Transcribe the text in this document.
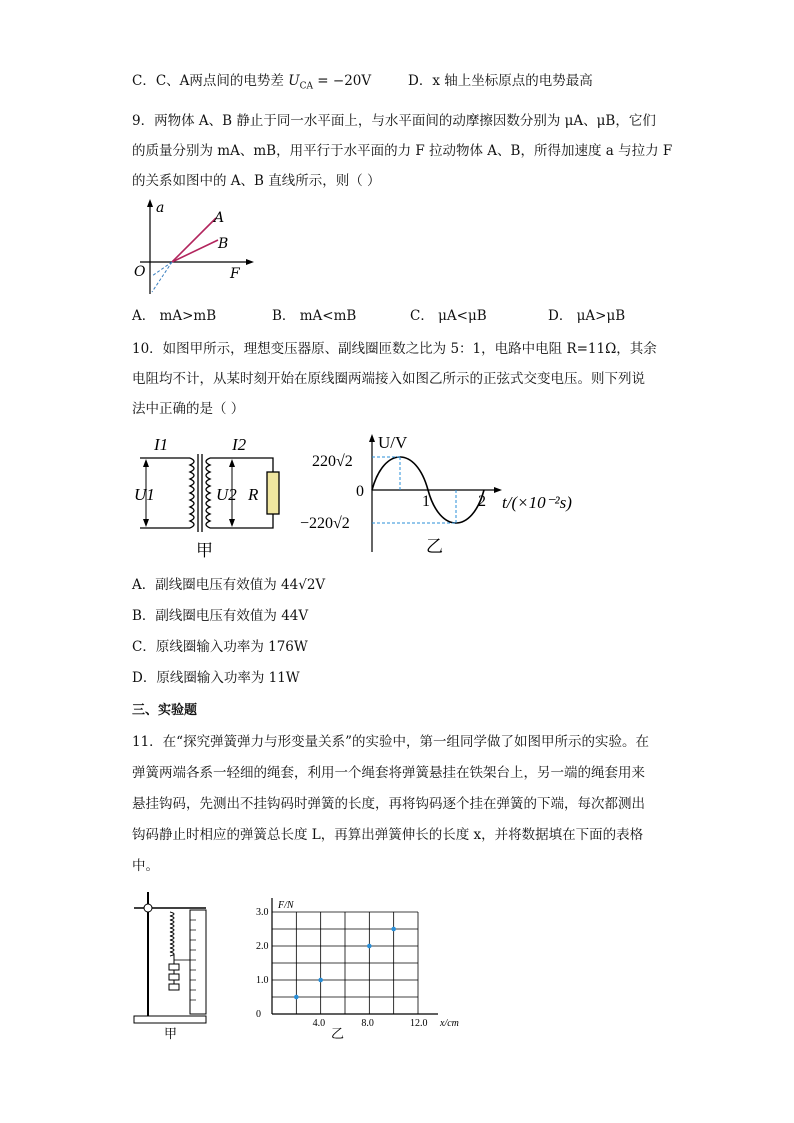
C．C、A两点间的电势差 $U_{CA} = -20V$	D．x 轴上坐标原点的电势最高
9．两物体 A、B 静止于同一水平面上，与水平面间的动摩擦因数分别为 μA、μB，它们
的质量分别为 mA、mB，用平行于水平面的力 F 拉动物体 A、B，所得加速度 a 与拉力 F
的关系如图中的 A、B 直线所示，则（ ）
a
F
O
A
B
A． mA>mB	B． mA<mB	C． μA<μB	D． μA>μB
10．如图甲所示，理想变压器原、副线圈匝数之比为 5：1，电路中电阻 R=11Ω，其余
电阻均不计，从某时刻开始在原线圈两端接入如图乙所示的正弦式交变电压。则下列说
法中正确的是（ ）
I1	I2
U1	U2 R
甲
U/V
220√2
0
−220√2
1	2 t/(×10⁻²s)
乙
A．副线圈电压有效值为 44√2V
B．副线圈电压有效值为 44V
C．原线圈输入功率为 176W
D．原线圈输入功率为 11W
三、实验题
11．在“探究弹簧弹力与形变量关系”的实验中，第一组同学做了如图甲所示的实验。在
弹簧两端各系一轻细的绳套，利用一个绳套将弹簧悬挂在铁架台上，另一端的绳套用来
悬挂钩码，先测出不挂钩码时弹簧的长度，再将钩码逐个挂在弹簧的下端，每次都测出
钩码静止时相应的弹簧总长度 L，再算出弹簧伸长的长度 x，并将数据填在下面的表格
中。
甲
4.0	8.0	12.0
0
1.0
2.0
3.0
F/N
x/cm
乙
